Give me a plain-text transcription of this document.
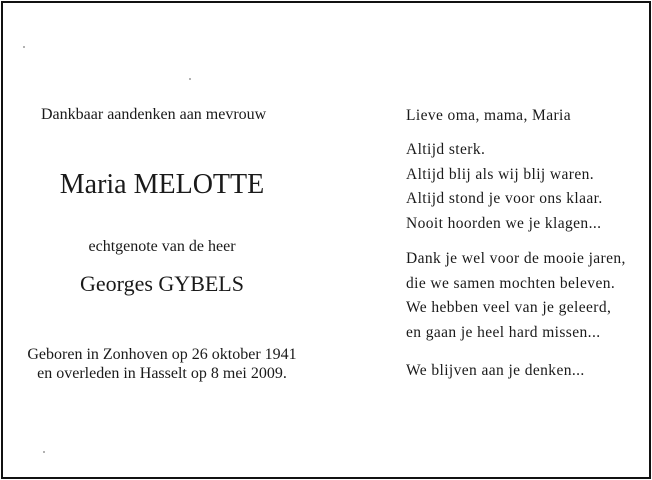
Dankbaar aandenken aan mevrouw
Maria MELOTTE
echtgenote van de heer
Georges GYBELS
Geboren in Zonhoven op 26 oktober 1941
en overleden in Hasselt op 8 mei 2009.
Lieve oma, mama, Maria
Altijd sterk.
Altijd blij als wij blij waren.
Altijd stond je voor ons klaar.
Nooit hoorden we je klagen...
Dank je wel voor de mooie jaren,
die we samen mochten beleven.
We hebben veel van je geleerd,
en gaan je heel hard missen...
We blijven aan je denken...
